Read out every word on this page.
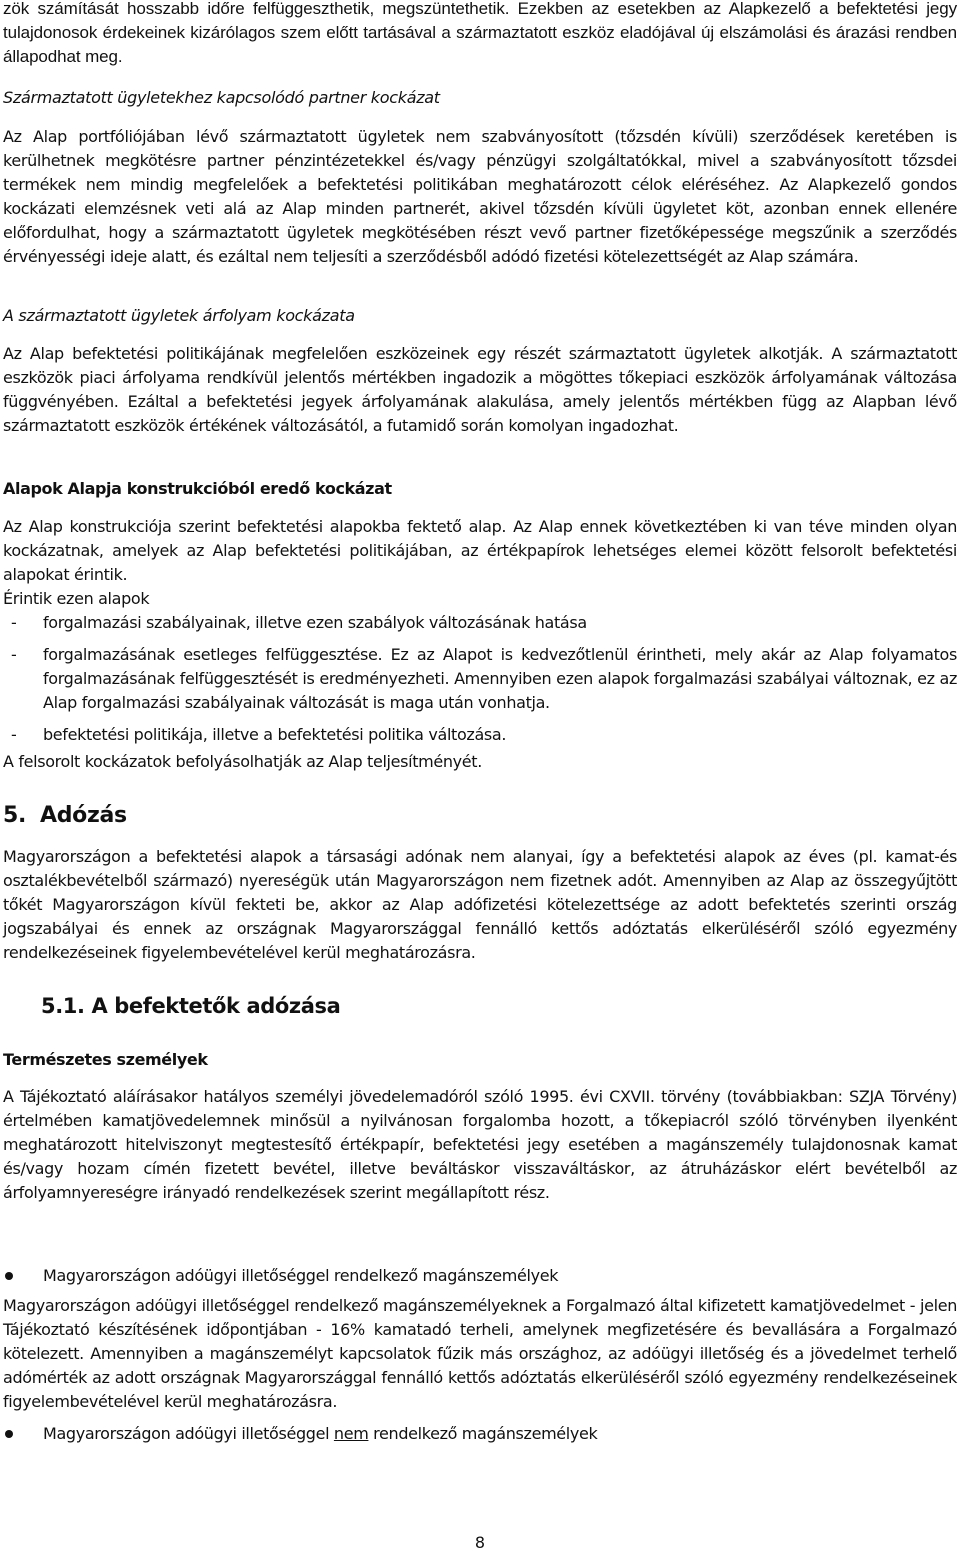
zök számítását hosszabb időre felfüggeszthetik, megszüntethetik. Ezekben az esetekben az Alapkezelő a befektetési jegy tulajdonosok érdekeinek kizárólagos szem előtt tartásával a származtatott eszköz eladójával új elszámolási és árazási rendben állapodhat meg.

Származtatott ügyletekhez kapcsolódó partner kockázat

Az Alap portfóliójában lévő származtatott ügyletek nem szabványosított (tőzsdén kívüli) szerződések keretében is kerülhetnek megkötésre partner pénzintézetekkel és/vagy pénzügyi szolgáltatókkal, mivel a szabványosított tőzsdei termékek nem mindig megfelelőek a befektetési politikában meghatározott célok eléréséhez. Az Alapkezelő gondos kockázati elemzésnek veti alá az Alap minden partnerét, akivel tőzsdén kívüli ügyletet köt, azonban ennek ellenére előfordulhat, hogy a származtatott ügyletek megkötésében részt vevő partner fizetőképessége megszűnik a szerződés érvényességi ideje alatt, és ezáltal nem teljesíti a szerződésből adódó fizetési kötelezettségét az Alap számára.

A származtatott ügyletek árfolyam kockázata

Az Alap befektetési politikájának megfelelően eszközeinek egy részét származtatott ügyletek alkotják. A származtatott eszközök piaci árfolyama rendkívül jelentős mértékben ingadozik a mögöttes tőkepiaci eszközök árfolyamának változása függvényében. Ezáltal a befektetési jegyek árfolyamának alakulása, amely jelentős mértékben függ az Alapban lévő származtatott eszközök értékének változásától, a futamidő során komolyan ingadozhat.

Alapok Alapja konstrukcióból eredő kockázat

Az Alap konstrukciója szerint befektetési alapokba fektető alap. Az Alap ennek következtében ki van téve minden olyan kockázatnak, amelyek az Alap befektetési politikájában, az értékpapírok lehetséges elemei között felsorolt befektetési alapokat érintik.

Érintik ezen alapok

-	forgalmazási szabályainak, illetve ezen szabályok változásának hatása
-	forgalmazásának esetleges felfüggesztése. Ez az Alapot is kedvezőtlenül érintheti, mely akár az Alap folyamatos forgalmazásának felfüggesztését is eredményezheti. Amennyiben ezen alapok forgalmazási szabályai változnak, ez az Alap forgalmazási szabályainak változását is maga után vonhatja.
-	befektetési politikája, illetve a befektetési politika változása.

A felsorolt kockázatok befolyásolhatják az Alap teljesítményét.

5. Adózás

Magyarországon a befektetési alapok a társasági adónak nem alanyai, így a befektetési alapok az éves (pl. kamat-és osztalékbevételből származó) nyereségük után Magyarországon nem fizetnek adót. Amennyiben az Alap az összegyűjtött tőkét Magyarországon kívül fekteti be, akkor az Alap adófizetési kötelezettsége az adott befektetés szerinti ország jogszabályai és ennek az országnak Magyarországgal fennálló kettős adóztatás elkerüléséről szóló egyezmény rendelkezéseinek figyelembevételével kerül meghatározásra.

5.1. A befektetők adózása
Természetes személyek

A Tájékoztató aláírásakor hatályos személyi jövedelemadóról szóló 1995. évi CXVII. törvény (továbbiakban: SZJA Törvény) értelmében kamatjövedelemnek minősül a nyilvánosan forgalomba hozott, a tőkepiacról szóló törvényben ilyenként meghatározott hitelviszonyt megtestesítő értékpapír, befektetési jegy esetében a magánszemély tulajdonosnak kamat és/vagy hozam címén fizetett bevétel, illetve beváltáskor visszaváltáskor, az átruházáskor elért bevételből az árfolyamnyereségre irányadó rendelkezések szerint megállapított rész.

Magyarországon adóügyi illetőséggel rendelkező magánszemélyek

Magyarországon adóügyi illetőséggel rendelkező magánszemélyeknek a Forgalmazó által kifizetett kamatjövedelmet - jelen Tájékoztató készítésének időpontjában - 16% kamatadó terheli, amelynek megfizetésére és bevallására a Forgalmazó kötelezett. Amennyiben a magánszemélyt kapcsolatok fűzik más országhoz, az adóügyi illetőség és a jövedelmet terhelő adómérték az adott országnak Magyarországgal fennálló kettős adóztatás elkerüléséről szóló egyezmény rendelkezéseinek figyelembevételével kerül meghatározásra.

Magyarországon adóügyi illetőséggel nem rendelkező magánszemélyek
8
